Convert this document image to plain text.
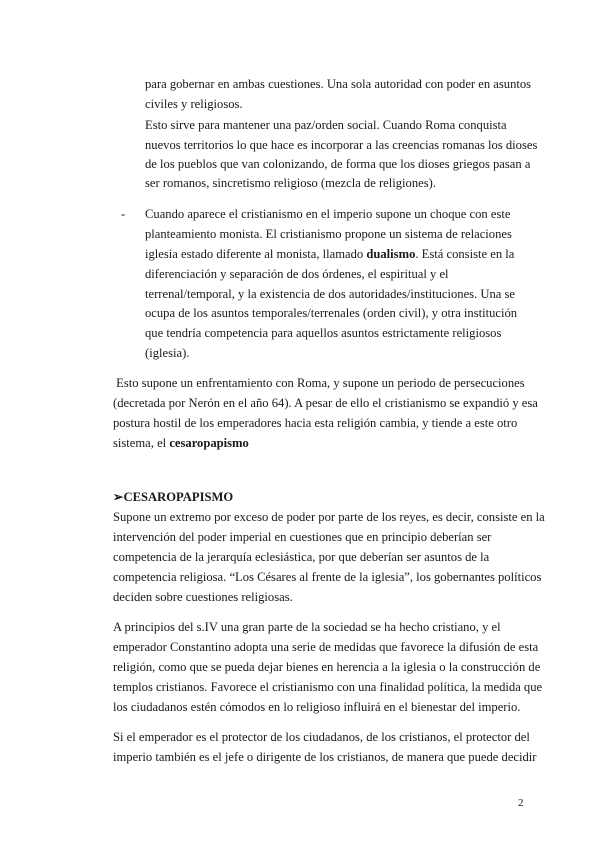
para gobernar en ambas cuestiones. Una sola autoridad con poder en asuntos
civiles y religiosos.
Esto sirve para mantener una paz/orden social. Cuando Roma conquista
nuevos territorios lo que hace es incorporar a las creencias romanas los dioses
de los pueblos que van colonizando, de forma que los dioses griegos pasan a
ser romanos, sincretismo religioso (mezcla de religiones).
- Cuando aparece el cristianismo en el imperio supone un choque con este
planteamiento monista. El cristianismo propone un sistema de relaciones
iglesia estado diferente al monista, llamado dualismo. Está consiste en la
diferenciación y separación de dos órdenes, el espiritual y el
terrenal/temporal, y la existencia de dos autoridades/instituciones. Una se
ocupa de los asuntos temporales/terrenales (orden civil), y otra institución
que tendría competencia para aquellos asuntos estrictamente religiosos
(iglesia).
Esto supone un enfrentamiento con Roma, y supone un periodo de persecuciones
(decretada por Nerón en el año 64). A pesar de ello el cristianismo se expandió y esa
postura hostil de los emperadores hacia esta religión cambia, y tiende a este otro
sistema, el cesaropapismo
➢CESAROPAPISMO
Supone un extremo por exceso de poder por parte de los reyes, es decir, consiste en la
intervención del poder imperial en cuestiones que en principio deberían ser
competencia de la jerarquía eclesiástica, por que deberían ser asuntos de la
competencia religiosa. “Los Césares al frente de la iglesia”, los gobernantes políticos
deciden sobre cuestiones religiosas.
A principios del s.IV una gran parte de la sociedad se ha hecho cristiano, y el
emperador Constantino adopta una serie de medidas que favorece la difusión de esta
religión, como que se pueda dejar bienes en herencia a la iglesia o la construcción de
templos cristianos. Favorece el cristianismo con una finalidad política, la medida que
los ciudadanos estén cómodos en lo religioso influirá en el bienestar del imperio.
Si el emperador es el protector de los ciudadanos, de los cristianos, el protector del
imperio también es el jefe o dirigente de los cristianos, de manera que puede decidir
2
